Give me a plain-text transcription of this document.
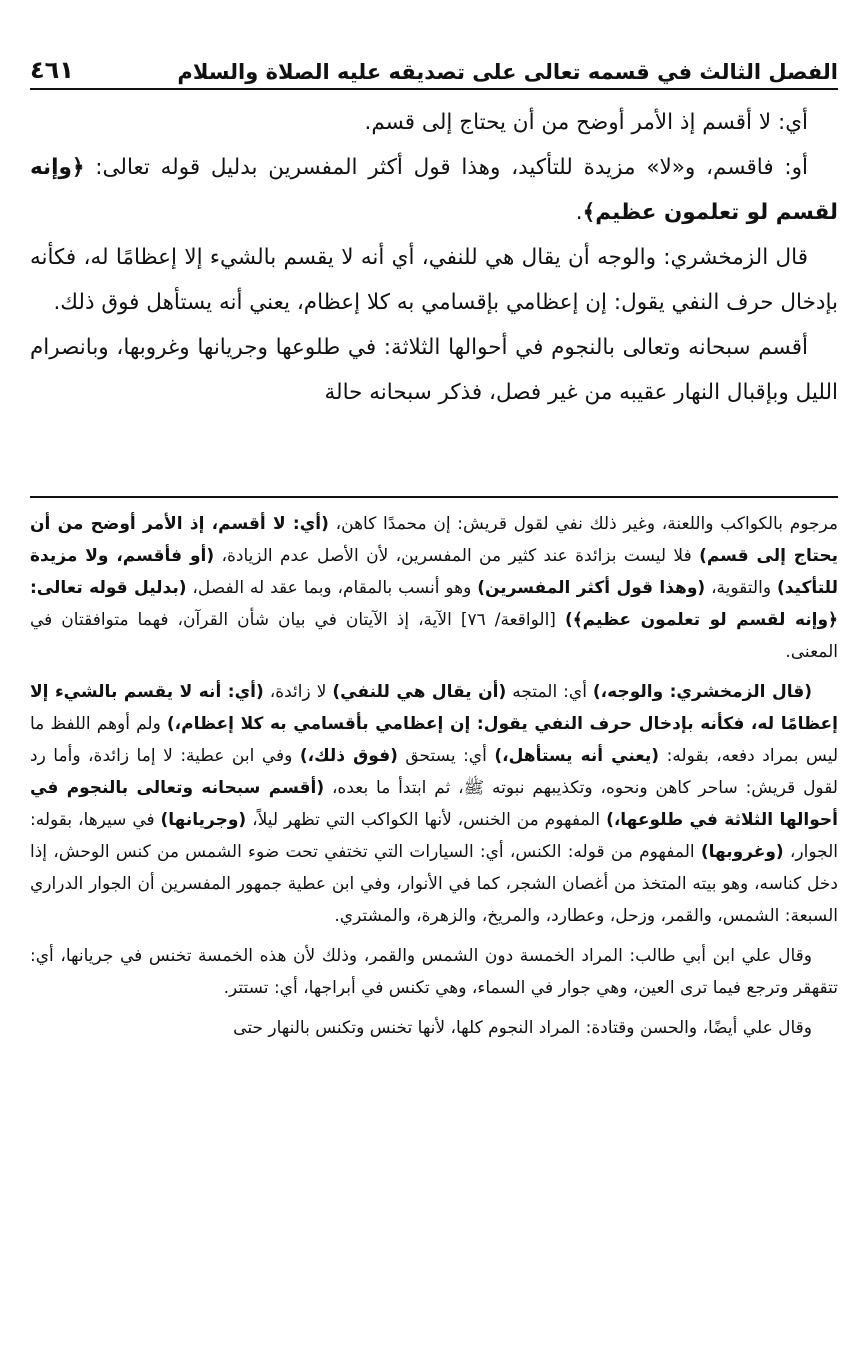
الفصل الثالث في قسمه تعالى على تصديقه عليه الصلاة والسلام
٤٦١

أي: لا أقسم إذ الأمر أوضح من أن يحتاج إلى قسم.

أو: فاقسم، و«لا» مزيدة للتأكيد، وهذا قول أكثر المفسرين بدليل قوله تعالى: ﴿وإنه لقسم لو تعلمون عظيم﴾.

قال الزمخشري: والوجه أن يقال هي للنفي، أي أنه لا يقسم بالشيء إلا إعظامًا له، فكأنه بإدخال حرف النفي يقول: إن إعظامي بإقسامي به كلا إعظام، يعني أنه يستأهل فوق ذلك.

أقسم سبحانه وتعالى بالنجوم في أحوالها الثلاثة: في طلوعها وجريانها وغروبها، وبانصرام الليل وبإقبال النهار عقيبه من غير فصل، فذكر سبحانه حالة

مرجوم بالكواكب واللعنة، وغير ذلك نفي لقول قريش: إن محمدًا كاهن، (أي: لا أقسم، إذ الأمر أوضح من أن يحتاج إلى قسم) فلا ليست بزائدة عند كثير من المفسرين، لأن الأصل عدم الزيادة، (أو فأقسم، ولا مزيدة للتأكيد) والتقوية، (وهذا قول أكثر المفسرين) وهو أنسب بالمقام، وبما عقد له الفصل، (بدليل قوله تعالى: ﴿وإنه لقسم لو تعلمون عظيم﴾) [الواقعة/ ٧٦] الآية، إذ الآيتان في بيان شأن القرآن، فهما متوافقتان في المعنى.

(قال الزمخشري: والوجه،) أي: المتجه (أن يقال هي للنفي) لا زائدة، (أي: أنه لا يقسم بالشيء إلا إعظامًا له، فكأنه بإدخال حرف النفي يقول: إن إعظامي بأقسامي به كلا إعظام،) ولم أوهم اللفظ ما ليس بمراد دفعه، بقوله: (يعني أنه يستأهل،) أي: يستحق (فوق ذلك،) وفي ابن عطية: لا إما زائدة، وأما رد لقول قريش: ساحر كاهن ونحوه، وتكذيبهم نبوته ﷺ، ثم ابتدأ ما بعده، (أقسم سبحانه وتعالى بالنجوم في أحوالها الثلاثة في طلوعها،) المفهوم من الخنس، لأنها الكواكب التي تظهر ليلاً، (وجريانها) في سيرها، بقوله: الجوار، (وغروبها) المفهوم من قوله: الكنس، أي: السيارات التي تختفي تحت ضوء الشمس من كنس الوحش، إذا دخل كناسه، وهو بيته المتخذ من أغصان الشجر، كما في الأنوار، وفي ابن عطية جمهور المفسرين أن الجوار الدراري السبعة: الشمس، والقمر، وزحل، وعطارد، والمريخ، والزهرة، والمشتري.

وقال علي ابن أبي طالب: المراد الخمسة دون الشمس والقمر، وذلك لأن هذه الخمسة تخنس في جريانها، أي: تتقهقر وترجع فيما ترى العين، وهي جوار في السماء، وهي تكنس في أبراجها، أي: تستتر.

وقال علي أيضًا، والحسن وقتادة: المراد النجوم كلها، لأنها تخنس وتكنس بالنهار حتى
